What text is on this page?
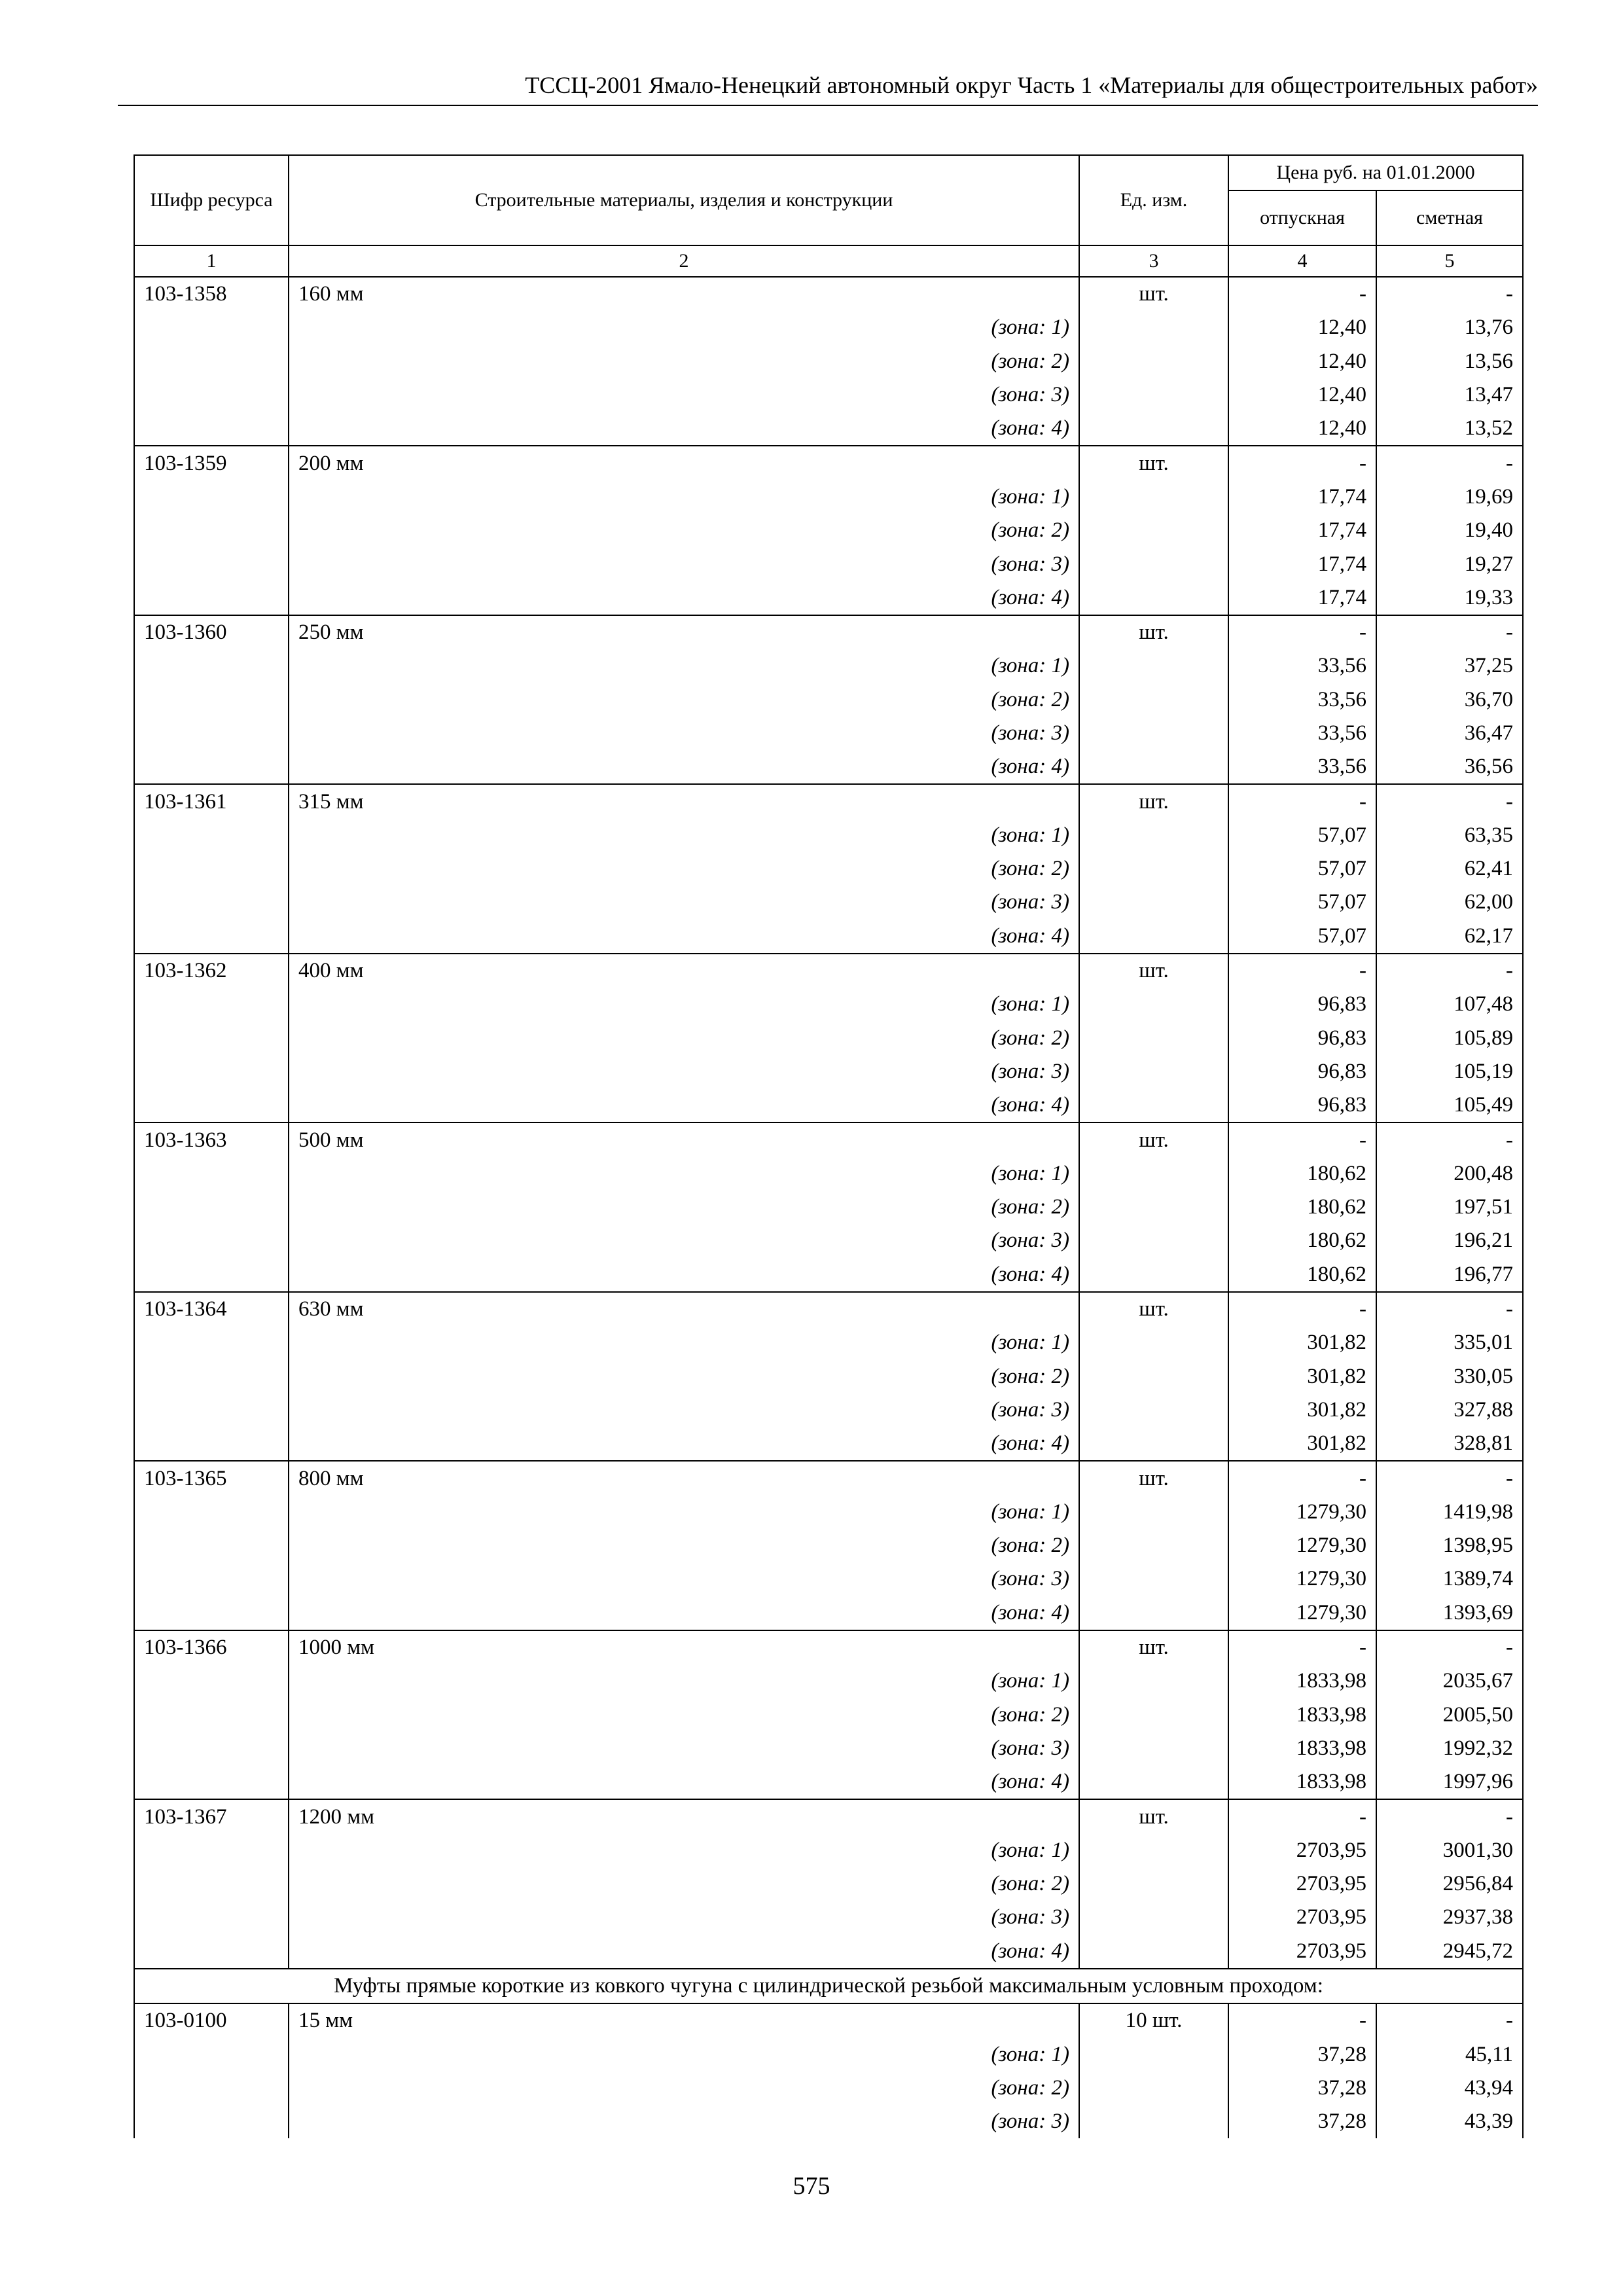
ТССЦ-2001 Ямало-Ненецкий автономный округ Часть 1 «Материалы для общестроительных работ»
Шифр ресурса	Строительные материалы, изделия и конструкции	Ед. изм.	Цена руб. на 01.01.2000	
			отпускная	сметная
1	2	3	4	5
103-1358	160 мм	шт.	-	-
	(зона: 1)		12,40	13,76
	(зона: 2)		12,40	13,56
	(зона: 3)		12,40	13,47
	(зона: 4)		12,40	13,52
103-1359	200 мм	шт.	-	-
	(зона: 1)		17,74	19,69
	(зона: 2)		17,74	19,40
	(зона: 3)		17,74	19,27
	(зона: 4)		17,74	19,33
103-1360	250 мм	шт.	-	-
	(зона: 1)		33,56	37,25
	(зона: 2)		33,56	36,70
	(зона: 3)		33,56	36,47
	(зона: 4)		33,56	36,56
103-1361	315 мм	шт.	-	-
	(зона: 1)		57,07	63,35
	(зона: 2)		57,07	62,41
	(зона: 3)		57,07	62,00
	(зона: 4)		57,07	62,17
103-1362	400 мм	шт.	-	-
	(зона: 1)		96,83	107,48
	(зона: 2)		96,83	105,89
	(зона: 3)		96,83	105,19
	(зона: 4)		96,83	105,49
103-1363	500 мм	шт.	-	-
	(зона: 1)		180,62	200,48
	(зона: 2)		180,62	197,51
	(зона: 3)		180,62	196,21
	(зона: 4)		180,62	196,77
103-1364	630 мм	шт.	-	-
	(зона: 1)		301,82	335,01
	(зона: 2)		301,82	330,05
	(зона: 3)		301,82	327,88
	(зона: 4)		301,82	328,81
103-1365	800 мм	шт.	-	-
	(зона: 1)		1279,30	1419,98
	(зона: 2)		1279,30	1398,95
	(зона: 3)		1279,30	1389,74
	(зона: 4)		1279,30	1393,69
103-1366	1000 мм	шт.	-	-
	(зона: 1)		1833,98	2035,67
	(зона: 2)		1833,98	2005,50
	(зона: 3)		1833,98	1992,32
	(зона: 4)		1833,98	1997,96
103-1367	1200 мм	шт.	-	-
	(зона: 1)		2703,95	3001,30
	(зона: 2)		2703,95	2956,84
	(зона: 3)		2703,95	2937,38
	(зона: 4)		2703,95	2945,72
Муфты прямые короткие из ковкого чугуна с цилиндрической резьбой максимальным условным проходом:				
103-0100	15 мм	10 шт.	-	-
	(зона: 1)		37,28	45,11
	(зона: 2)		37,28	43,94
	(зона: 3)		37,28	43,39
575
